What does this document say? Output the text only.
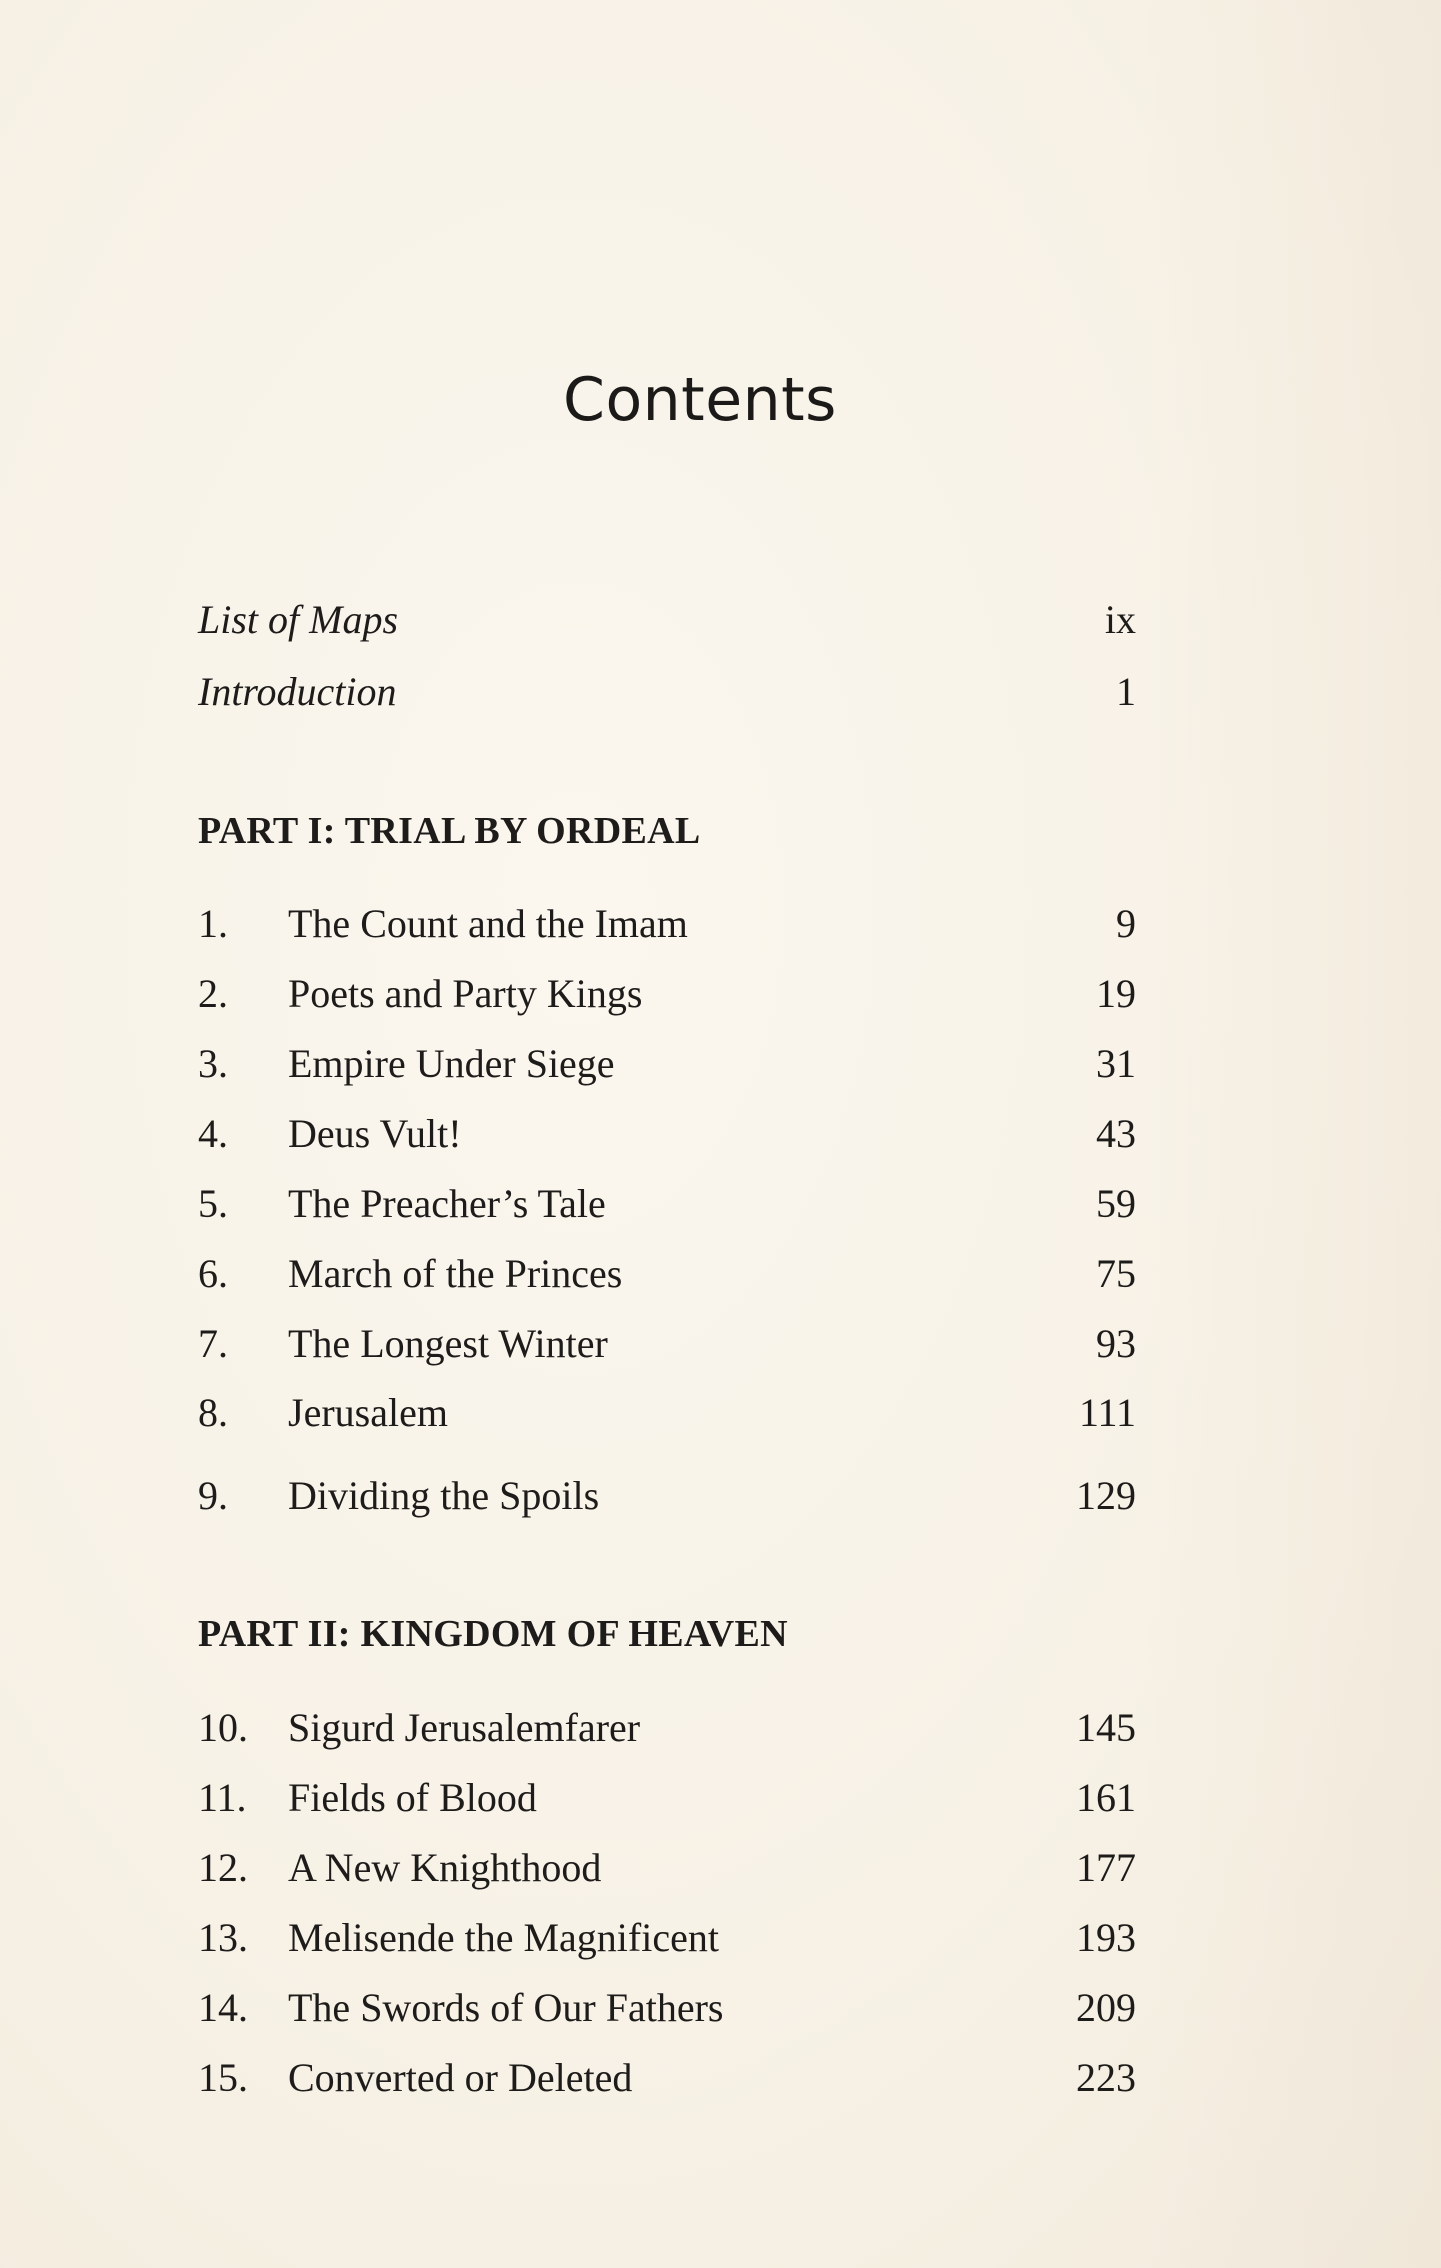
Contents
List of Maps	ix
Introduction	1
PART I: TRIAL BY ORDEAL
1. The Count and the Imam	9
2. Poets and Party Kings	19
3. Empire Under Siege	31
4. Deus Vult!	43
5. The Preacher’s Tale	59
6. March of the Princes	75
7. The Longest Winter	93
8. Jerusalem	111
9. Dividing the Spoils	129
PART II: KINGDOM OF HEAVEN
10. Sigurd Jerusalemfarer	145
11. Fields of Blood	161
12. A New Knighthood	177
13. Melisende the Magnificent	193
14. The Swords of Our Fathers	209
15. Converted or Deleted	223
